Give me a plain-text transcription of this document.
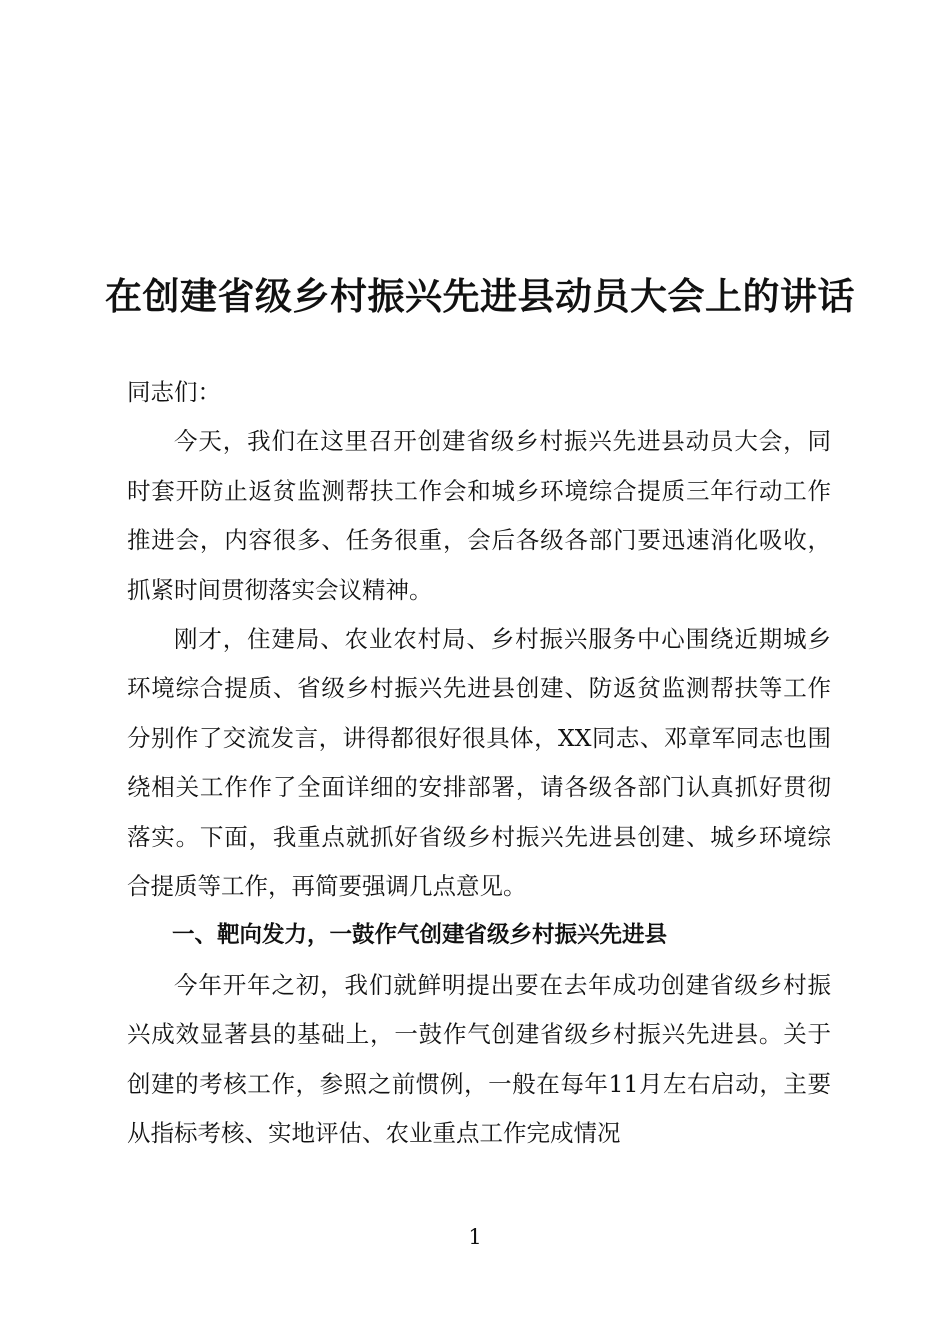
在创建省级乡村振兴先进县动员大会上的讲话

同志们：

今天，我们在这里召开创建省级乡村振兴先进县动员大会，同时套开防止返贫监测帮扶工作会和城乡环境综合提质三年行动工作推进会，内容很多、任务很重，会后各级各部门要迅速消化吸收，抓紧时间贯彻落实会议精神。

刚才，住建局、农业农村局、乡村振兴服务中心围绕近期城乡环境综合提质、省级乡村振兴先进县创建、防返贫监测帮扶等工作分别作了交流发言，讲得都很好很具体，XX同志、邓章军同志也围绕相关工作作了全面详细的安排部署，请各级各部门认真抓好贯彻落实。下面，我重点就抓好省级乡村振兴先进县创建、城乡环境综合提质等工作，再简要强调几点意见。

一、靶向发力，一鼓作气创建省级乡村振兴先进县

今年开年之初，我们就鲜明提出要在去年成功创建省级乡村振兴成效显著县的基础上，一鼓作气创建省级乡村振兴先进县。关于创建的考核工作，参照之前惯例，一般在每年11月左右启动，主要从指标考核、实地评估、农业重点工作完成情况

1
